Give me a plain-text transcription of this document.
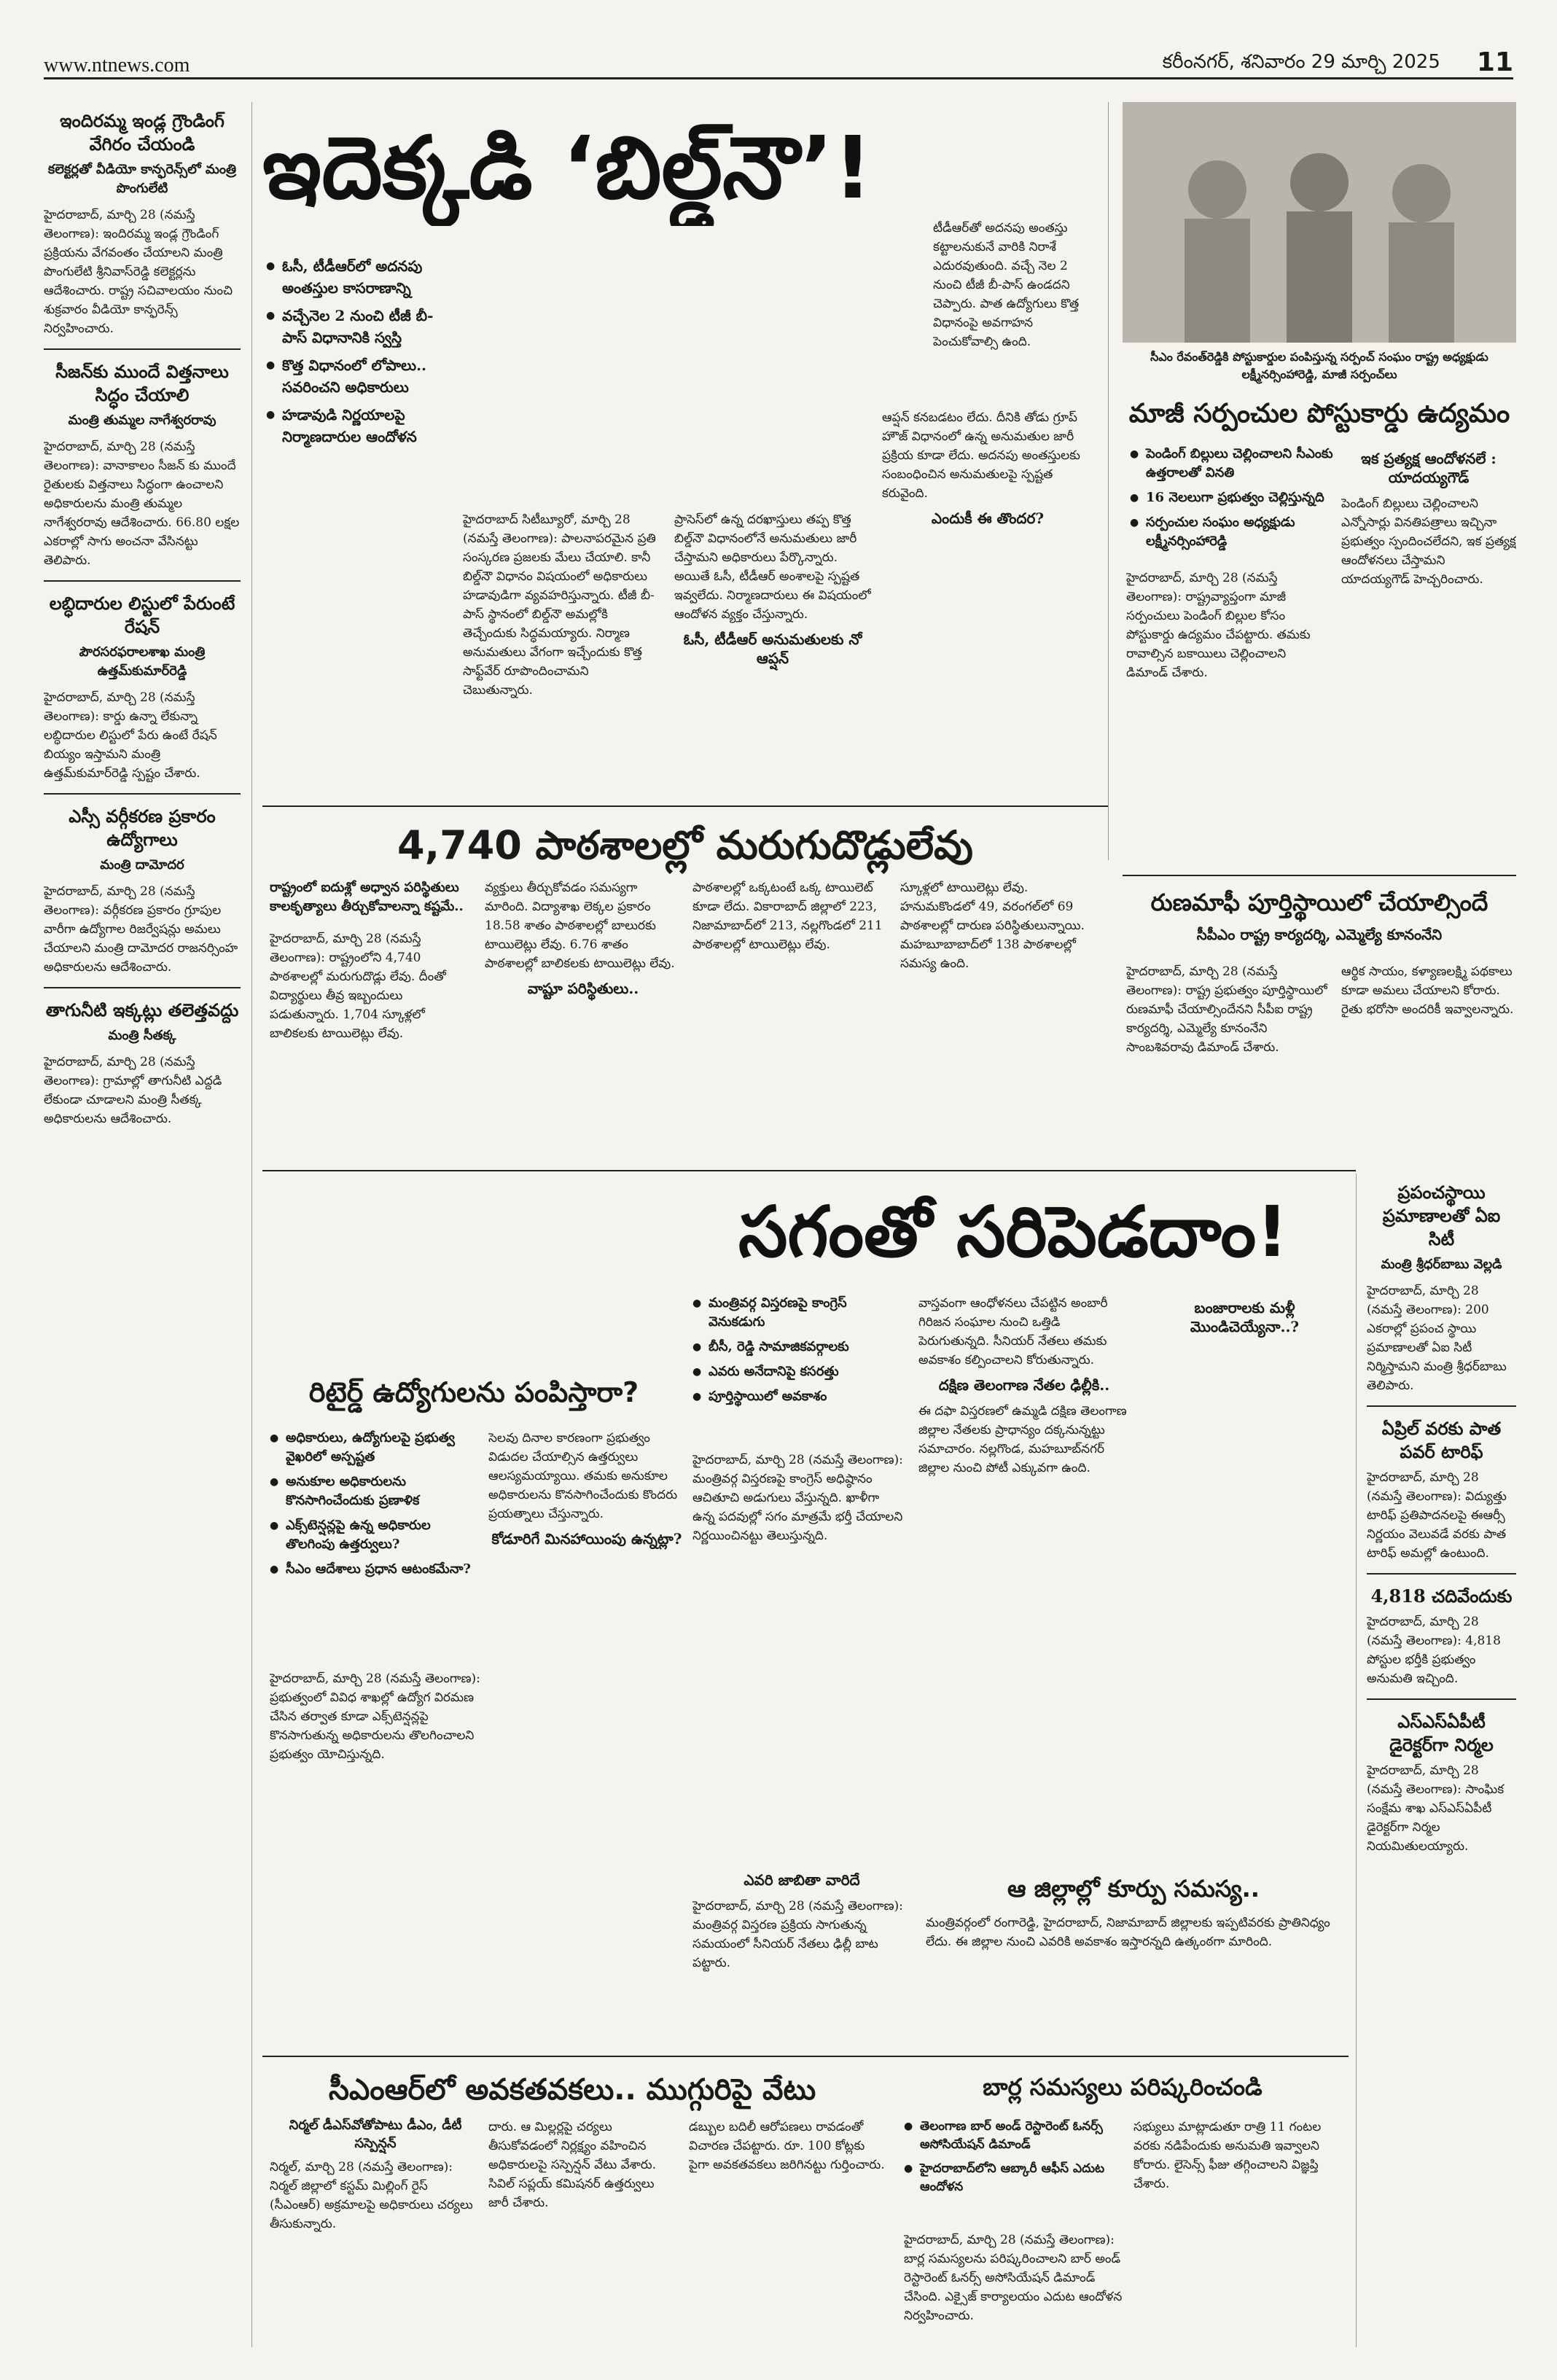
www.ntnews.com	కరీంనగర్, శనివారం 29 మార్చి 2025 11
ఇందిరమ్మ ఇండ్ల గ్రౌండింగ్ వేగిరం చేయండి
కలెక్టర్లతో వీడియో కాన్ఫరెన్స్‌లో మంత్రి పొంగులేటి

హైదరాబాద్, మార్చి 28 (నమస్తే తెలంగాణ): ఇందిరమ్మ ఇండ్ల గ్రౌండింగ్ ప్రక్రియను వేగవంతం చేయాలని మంత్రి పొంగులేటి శ్రీనివాస్‌రెడ్డి కలెక్టర్లను ఆదేశించారు. రాష్ట్ర సచివాలయం నుంచి శుక్రవారం వీడియో కాన్ఫరెన్స్ నిర్వహించారు.

సీజన్‌కు ముందే విత్తనాలు సిద్ధం చేయాలి
మంత్రి తుమ్మల నాగేశ్వరరావు

హైదరాబాద్, మార్చి 28 (నమస్తే తెలంగాణ): వానాకాలం సీజన్ కు ముందే రైతులకు విత్తనాలు సిద్ధంగా ఉంచాలని అధికారులను మంత్రి తుమ్మల నాగేశ్వరరావు ఆదేశించారు. 66.80 లక్షల ఎకరాల్లో సాగు అంచనా వేసినట్టు తెలిపారు.

లబ్ధిదారుల లిస్టులో పేరుంటే రేషన్
పౌరసరఫరాలశాఖ మంత్రి ఉత్తమ్‌కుమార్‌రెడ్డి

హైదరాబాద్, మార్చి 28 (నమస్తే తెలంగాణ): కార్డు ఉన్నా లేకున్నా లబ్ధిదారుల లిస్టులో పేరు ఉంటే రేషన్ బియ్యం ఇస్తామని మంత్రి ఉత్తమ్‌కుమార్‌రెడ్డి స్పష్టం చేశారు.

ఎస్సీ వర్గీకరణ ప్రకారం ఉద్యోగాలు
మంత్రి దామోదర

హైదరాబాద్, మార్చి 28 (నమస్తే తెలంగాణ): వర్గీకరణ ప్రకారం గ్రూపుల వారీగా ఉద్యోగాల రిజర్వేషన్లు అమలు చేయాలని మంత్రి దామోదర రాజనర్సింహ అధికారులను ఆదేశించారు.

తాగునీటి ఇక్కట్లు తలెత్తవద్దు
మంత్రి సీతక్క

హైదరాబాద్, మార్చి 28 (నమస్తే తెలంగాణ): గ్రామాల్లో తాగునీటి ఎద్దడి లేకుండా చూడాలని మంత్రి సీతక్క అధికారులను ఆదేశించారు.

ఇదెక్కడి ‘బిల్డ్‌నౌ’!
● ఓసీ, టీడీఆర్‌లో అదనపు అంతస్తుల కాసరాణాన్ని
● వచ్చేనెల 2 నుంచి టీజీ బీ-పాస్ విధానానికి స్వస్తి
● కొత్త విధానంలో లోపాలు.. సవరించని అధికారులు
● హడావుడి నిర్ణయాలపై నిర్మాణదారుల ఆందోళన

హైదరాబాద్ సిటీబ్యూరో, మార్చి 28 (నమస్తే తెలంగాణ): పాలనాపరమైన ప్రతి సంస్కరణ ప్రజలకు మేలు చేయాలి. కానీ బిల్డ్‌నౌ విధానం విషయంలో అధికారులు హడావుడిగా వ్యవహరిస్తున్నారు. టీజీ బీ-పాస్ స్థానంలో బిల్డ్‌నౌ అమల్లోకి తెచ్చేందుకు సిద్ధమయ్యారు. నిర్మాణ అనుమతులు వేగంగా ఇచ్చేందుకు కొత్త సాఫ్ట్‌వేర్ రూపొందించామని చెబుతున్నారు.

ప్రాసెస్‌లో ఉన్న దరఖాస్తులు తప్ప కొత్త బిల్డ్‌నౌ విధానంలోనే అనుమతులు జారీ చేస్తామని అధికారులు పేర్కొన్నారు. అయితే ఓసీ, టీడీఆర్ అంశాలపై స్పష్టత ఇవ్వలేదు. నిర్మాణదారులు ఈ విషయంలో ఆందోళన వ్యక్తం చేస్తున్నారు.

ఓసీ, టీడీఆర్ అనుమతులకు నో ఆప్షన్

ఆప్షన్ కనబడటం లేదు. దీనికి తోడు గ్రూప్ హౌజ్ విధానంలో ఉన్న అనుమతుల జారీ ప్రక్రియ కూడా లేదు. అదనపు అంతస్తులకు సంబంధించిన అనుమతులపై స్పష్టత కరువైంది.

ఎందుకీ ఈ తొందర?

టీడీఆర్‌తో అదనపు అంతస్తు కట్టాలనుకునే వారికి నిరాశే ఎదురవుతుంది. వచ్చే నెల 2 నుంచి టీజీ బీ-పాస్ ఉండదని చెప్పారు. పాత ఉద్యోగులు కొత్త విధానంపై అవగాహన పెంచుకోవాల్సి ఉంది.

సీఎం రేవంత్‌రెడ్డికి పోస్టుకార్డుల పంపిస్తున్న సర్పంచ్ సంఘం రాష్ట్ర అధ్యక్షుడు లక్ష్మీనర్సింహారెడ్డి, మాజీ సర్పంచ్‌లు
మాజీ సర్పంచుల పోస్టుకార్డు ఉద్యమం
● పెండింగ్ బిల్లులు చెల్లించాలని సీఎంకు ఉత్తరాలతో వినతి
● 16 నెలలుగా ప్రభుత్వం చెల్లిస్తున్నది
● సర్పంచుల సంఘం అధ్యక్షుడు లక్ష్మీనర్సింహారెడ్డి

హైదరాబాద్, మార్చి 28 (నమస్తే తెలంగాణ): రాష్ట్రవ్యాప్తంగా మాజీ సర్పంచులు పెండింగ్ బిల్లుల కోసం పోస్టుకార్డు ఉద్యమం చేపట్టారు. తమకు రావాల్సిన బకాయిలు చెల్లించాలని డిమాండ్ చేశారు.

ఇక ప్రత్యక్ష ఆందోళనలే : యాదయ్యగౌడ్

పెండింగ్ బిల్లులు చెల్లించాలని ఎన్నోసార్లు వినతిపత్రాలు ఇచ్చినా ప్రభుత్వం స్పందించలేదని, ఇక ప్రత్యక్ష ఆందోళనలు చేస్తామని యాదయ్యగౌడ్ హెచ్చరించారు.

4,740 పాఠశాలల్లో మరుగుదొడ్లులేవు
రాష్ట్రంలో ఐదుశ్లో అధ్వాన పరిస్థితులు కాలకృత్యాలు తీర్చుకోవాలన్నా కష్టమే..

హైదరాబాద్, మార్చి 28 (నమస్తే తెలంగాణ): రాష్ట్రంలోని 4,740 పాఠశాలల్లో మరుగుదొడ్లు లేవు. దీంతో విద్యార్థులు తీవ్ర ఇబ్బందులు పడుతున్నారు. 1,704 స్కూళ్లలో బాలికలకు టాయిలెట్లు లేవు.

వ్యక్తులు తీర్చుకోవడం సమస్యగా మారింది. విద్యాశాఖ లెక్కల ప్రకారం 18.58 శాతం పాఠశాలల్లో బాలురకు టాయిలెట్లు లేవు. 6.76 శాతం పాఠశాలల్లో బాలికలకు టాయిలెట్లు లేవు.

వాష్టూ పరిస్థితులు..

పాఠశాలల్లో ఒక్కటంటే ఒక్క టాయిలెట్ కూడా లేదు. వికారాబాద్ జిల్లాలో 223, నిజామాబాద్‌లో 213, నల్లగొండలో 211 పాఠశాలల్లో టాయిలెట్లు లేవు.

స్కూళ్లలో టాయిలెట్లు లేవు. హనుమకొండలో 49, వరంగల్‌లో 69 పాఠశాలల్లో దారుణ పరిస్థితులున్నాయి. మహబూబాబాద్‌లో 138 పాఠశాలల్లో సమస్య ఉంది.

రుణమాఫీ పూర్తిస్థాయిలో చేయాల్సిందే
సీపీఎం రాష్ట్ర కార్యదర్శి, ఎమ్మెల్యే కూనంనేని

హైదరాబాద్, మార్చి 28 (నమస్తే తెలంగాణ): రాష్ట్ర ప్రభుత్వం పూర్తిస్థాయిలో రుణమాఫీ చేయాల్సిందేనని సీపీఐ రాష్ట్ర కార్యదర్శి, ఎమ్మెల్యే కూనంనేని సాంబశివరావు డిమాండ్ చేశారు.

ఆర్థిక సాయం, కళ్యాణలక్ష్మి పథకాలు కూడా అమలు చేయాలని కోరారు. రైతు భరోసా అందరికీ ఇవ్వాలన్నారు.

సగంతో సరిపెడదాం!
● మంత్రివర్గ విస్తరణపై కాంగ్రెస్ వెనుకడుగు
● బీసీ, రెడ్డి సామాజికవర్గాలకు
● ఎవరు అనేదానిపై కసరత్తు
● పూర్తిస్థాయిలో అవకాశం

హైదరాబాద్, మార్చి 28 (నమస్తే తెలంగాణ): మంత్రివర్గ విస్తరణపై కాంగ్రెస్ అధిష్ఠానం ఆచితూచి అడుగులు వేస్తున్నది. ఖాళీగా ఉన్న పదవుల్లో సగం మాత్రమే భర్తీ చేయాలని నిర్ణయించినట్టు తెలుస్తున్నది.

వాస్తవంగా ఆంధోళనలు చేపట్టిన అంబారీ గిరిజన సంఘాల నుంచి ఒత్తిడి పెరుగుతున్నది. సీనియర్ నేతలు తమకు అవకాశం కల్పించాలని కోరుతున్నారు.

దక్షిణ తెలంగాణ నేతల ఢిల్లీకి..

ఈ దఫా విస్తరణలో ఉమ్మడి దక్షిణ తెలంగాణ జిల్లాల నేతలకు ప్రాధాన్యం దక్కనున్నట్టు సమాచారం. నల్లగొండ, మహబూబ్‌నగర్ జిల్లాల నుంచి పోటీ ఎక్కువగా ఉంది.

బంజారాలకు మళ్లీ మొండిచెయ్యేనా..?
రిటైర్డ్ ఉద్యోగులను పంపిస్తారా?
● అధికారులు, ఉద్యోగులపై ప్రభుత్వ వైఖరిలో అస్పష్టత
● అనుకూల అధికారులను కొనసాగించేందుకు ప్రణాళిక
● ఎక్స్‌టెన్షన్లపై ఉన్న అధికారుల తొలగింపు ఉత్తర్వులు?
● సీఎం ఆదేశాలు ప్రధాన ఆటంకమేనా?

హైదరాబాద్, మార్చి 28 (నమస్తే తెలంగాణ): ప్రభుత్వంలో వివిధ శాఖల్లో ఉద్యోగ విరమణ చేసిన తర్వాత కూడా ఎక్స్‌టెన్షన్లపై కొనసాగుతున్న అధికారులను తొలగించాలని ప్రభుత్వం యోచిస్తున్నది.

సెలవు దినాల కారణంగా ప్రభుత్వం విడుదల చేయాల్సిన ఉత్తర్వులు ఆలస్యమయ్యాయి. తమకు అనుకూల అధికారులను కొనసాగించేందుకు కొందరు ప్రయత్నాలు చేస్తున్నారు.

కోడూరిగే మినహాయింపు ఉన్నట్లా?
ఎవరి జాబితా వారిదే

హైదరాబాద్, మార్చి 28 (నమస్తే తెలంగాణ): మంత్రివర్గ విస్తరణ ప్రక్రియ సాగుతున్న సమయంలో సీనియర్ నేతలు ఢిల్లీ బాట పట్టారు.

ఆ జిల్లాల్లో కూర్పు సమస్య..

మంత్రివర్గంలో రంగారెడ్డి, హైదరాబాద్, నిజామాబాద్ జిల్లాలకు ఇప్పటివరకు ప్రాతినిధ్యం లేదు. ఈ జిల్లాల నుంచి ఎవరికి అవకాశం ఇస్తారన్నది ఉత్కంఠగా మారింది.

సీఎంఆర్‌లో అవకతవకలు.. ముగ్గురిపై వేటు
నిర్మల్ డీఎస్‌వోతోపాటు డీఎం, డీటీ సస్పెన్షన్

నిర్మల్, మార్చి 28 (నమస్తే తెలంగాణ): నిర్మల్ జిల్లాలో కస్టమ్ మిల్లింగ్ రైస్ (సీఎంఆర్) అక్రమాలపై అధికారులు చర్యలు తీసుకున్నారు.

దారు. ఆ మిల్లర్లపై చర్యలు తీసుకోవడంలో నిర్లక్ష్యం వహించిన అధికారులపై సస్పెన్షన్ వేటు వేశారు. సివిల్ సప్లయ్ కమిషనర్ ఉత్తర్వులు జారీ చేశారు.

డబ్బుల బదిలీ ఆరోపణలు రావడంతో విచారణ చేపట్టారు. రూ. 100 కోట్లకు పైగా అవకతవకలు జరిగినట్టు గుర్తించారు.

బార్ల సమస్యలు పరిష్కరించండి
● తెలంగాణ బార్ అండ్ రెస్టారెంట్ ఓనర్స్ అసోసియేషన్ డిమాండ్
● హైదరాబాద్‌లోని ఆబ్కారీ ఆఫీస్ ఎదుట ఆందోళన

హైదరాబాద్, మార్చి 28 (నమస్తే తెలంగాణ): బార్ల సమస్యలను పరిష్కరించాలని బార్ అండ్ రెస్టారెంట్ ఓనర్స్ అసోసియేషన్ డిమాండ్ చేసింది. ఎక్సైజ్ కార్యాలయం ఎదుట ఆందోళన నిర్వహించారు.

సభ్యులు మాట్లాడుతూ రాత్రి 11 గంటల వరకు నడిపేందుకు అనుమతి ఇవ్వాలని కోరారు. లైసెన్స్ ఫీజు తగ్గించాలని విజ్ఞప్తి చేశారు.

ప్రపంచస్థాయి ప్రమాణాలతో ఏఐ సిటీ
మంత్రి శ్రీధర్‌బాబు వెల్లడి

హైదరాబాద్, మార్చి 28 (నమస్తే తెలంగాణ): 200 ఎకరాల్లో ప్రపంచ స్థాయి ప్రమాణాలతో ఏఐ సిటీ నిర్మిస్తామని మంత్రి శ్రీధర్‌బాబు తెలిపారు.

ఏప్రిల్ వరకు పాత పవర్ టారిఫ్

హైదరాబాద్, మార్చి 28 (నమస్తే తెలంగాణ): విద్యుత్తు టారిఫ్ ప్రతిపాదనలపై ఈఆర్సీ నిర్ణయం వెలువడే వరకు పాత టారిఫ్ అమల్లో ఉంటుంది.

4,818 చదివేందుకు

హైదరాబాద్, మార్చి 28 (నమస్తే తెలంగాణ): 4,818 పోస్టుల భర్తీకి ప్రభుత్వం అనుమతి ఇచ్చింది.

ఎస్ఎస్ఏపీటీ డైరెక్టర్‌గా నిర్మల

హైదరాబాద్, మార్చి 28 (నమస్తే తెలంగాణ): సాంఘిక సంక్షేమ శాఖ ఎస్ఎస్ఏపీటీ డైరెక్టర్‌గా నిర్మల నియమితులయ్యారు.
